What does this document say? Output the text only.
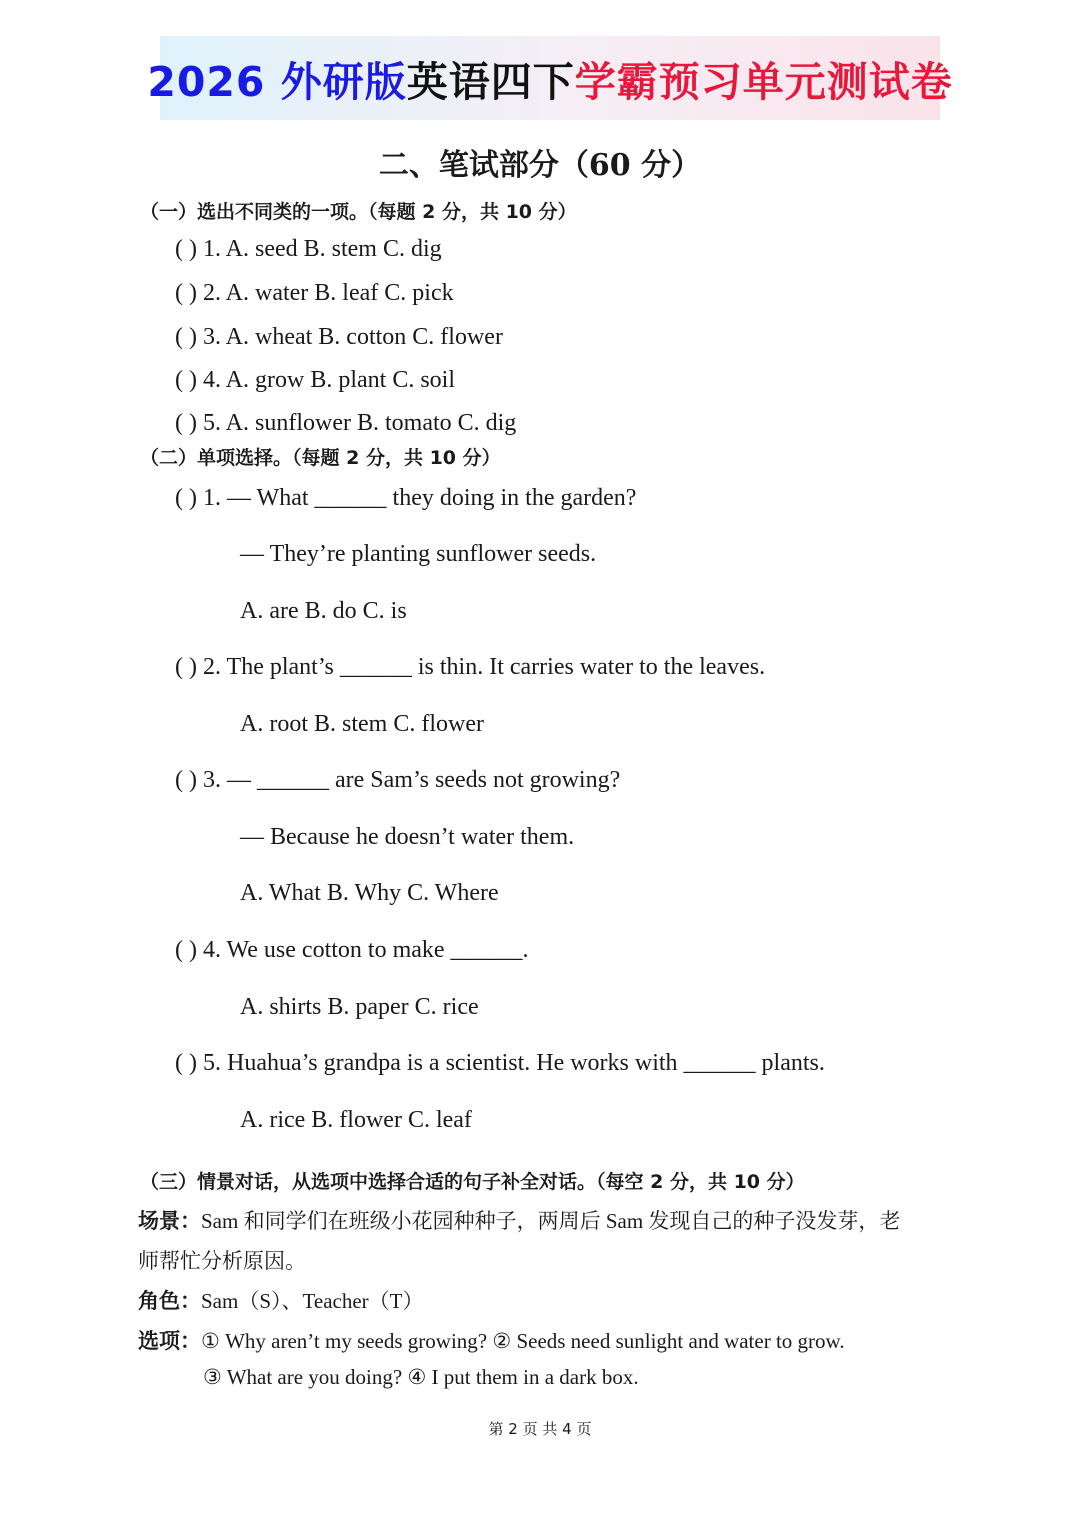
2026 外研版英语四下学霸预习单元测试卷
二、笔试部分（60 分）
（一）选出不同类的一项。（每题 2 分，共 10 分）
( ) 1. A. seed B. stem C. dig
( ) 2. A. water B. leaf C. pick
( ) 3. A. wheat B. cotton C. flower
( ) 4. A. grow B. plant C. soil
( ) 5. A. sunflower B. tomato C. dig
（二）单项选择。（每题 2 分，共 10 分）
( ) 1. — What ______ they doing in the garden?
— They’re planting sunflower seeds.
A. are B. do C. is
( ) 2. The plant’s ______ is thin. It carries water to the leaves.
A. root B. stem C. flower
( ) 3. — ______ are Sam’s seeds not growing?
— Because he doesn’t water them.
A. What B. Why C. Where
( ) 4. We use cotton to make ______.
A. shirts B. paper C. rice
( ) 5. Huahua’s grandpa is a scientist. He works with ______ plants.
A. rice B. flower C. leaf
（三）情景对话，从选项中选择合适的句子补全对话。（每空 2 分，共 10 分）
场景：Sam 和同学们在班级小花园种种子，两周后 Sam 发现自己的种子没发芽，老
师帮忙分析原因。
角色：Sam（S）、Teacher（T）
选项：① Why aren’t my seeds growing? ② Seeds need sunlight and water to grow.
③ What are you doing? ④ I put them in a dark box.
第 2 页 共 4 页
